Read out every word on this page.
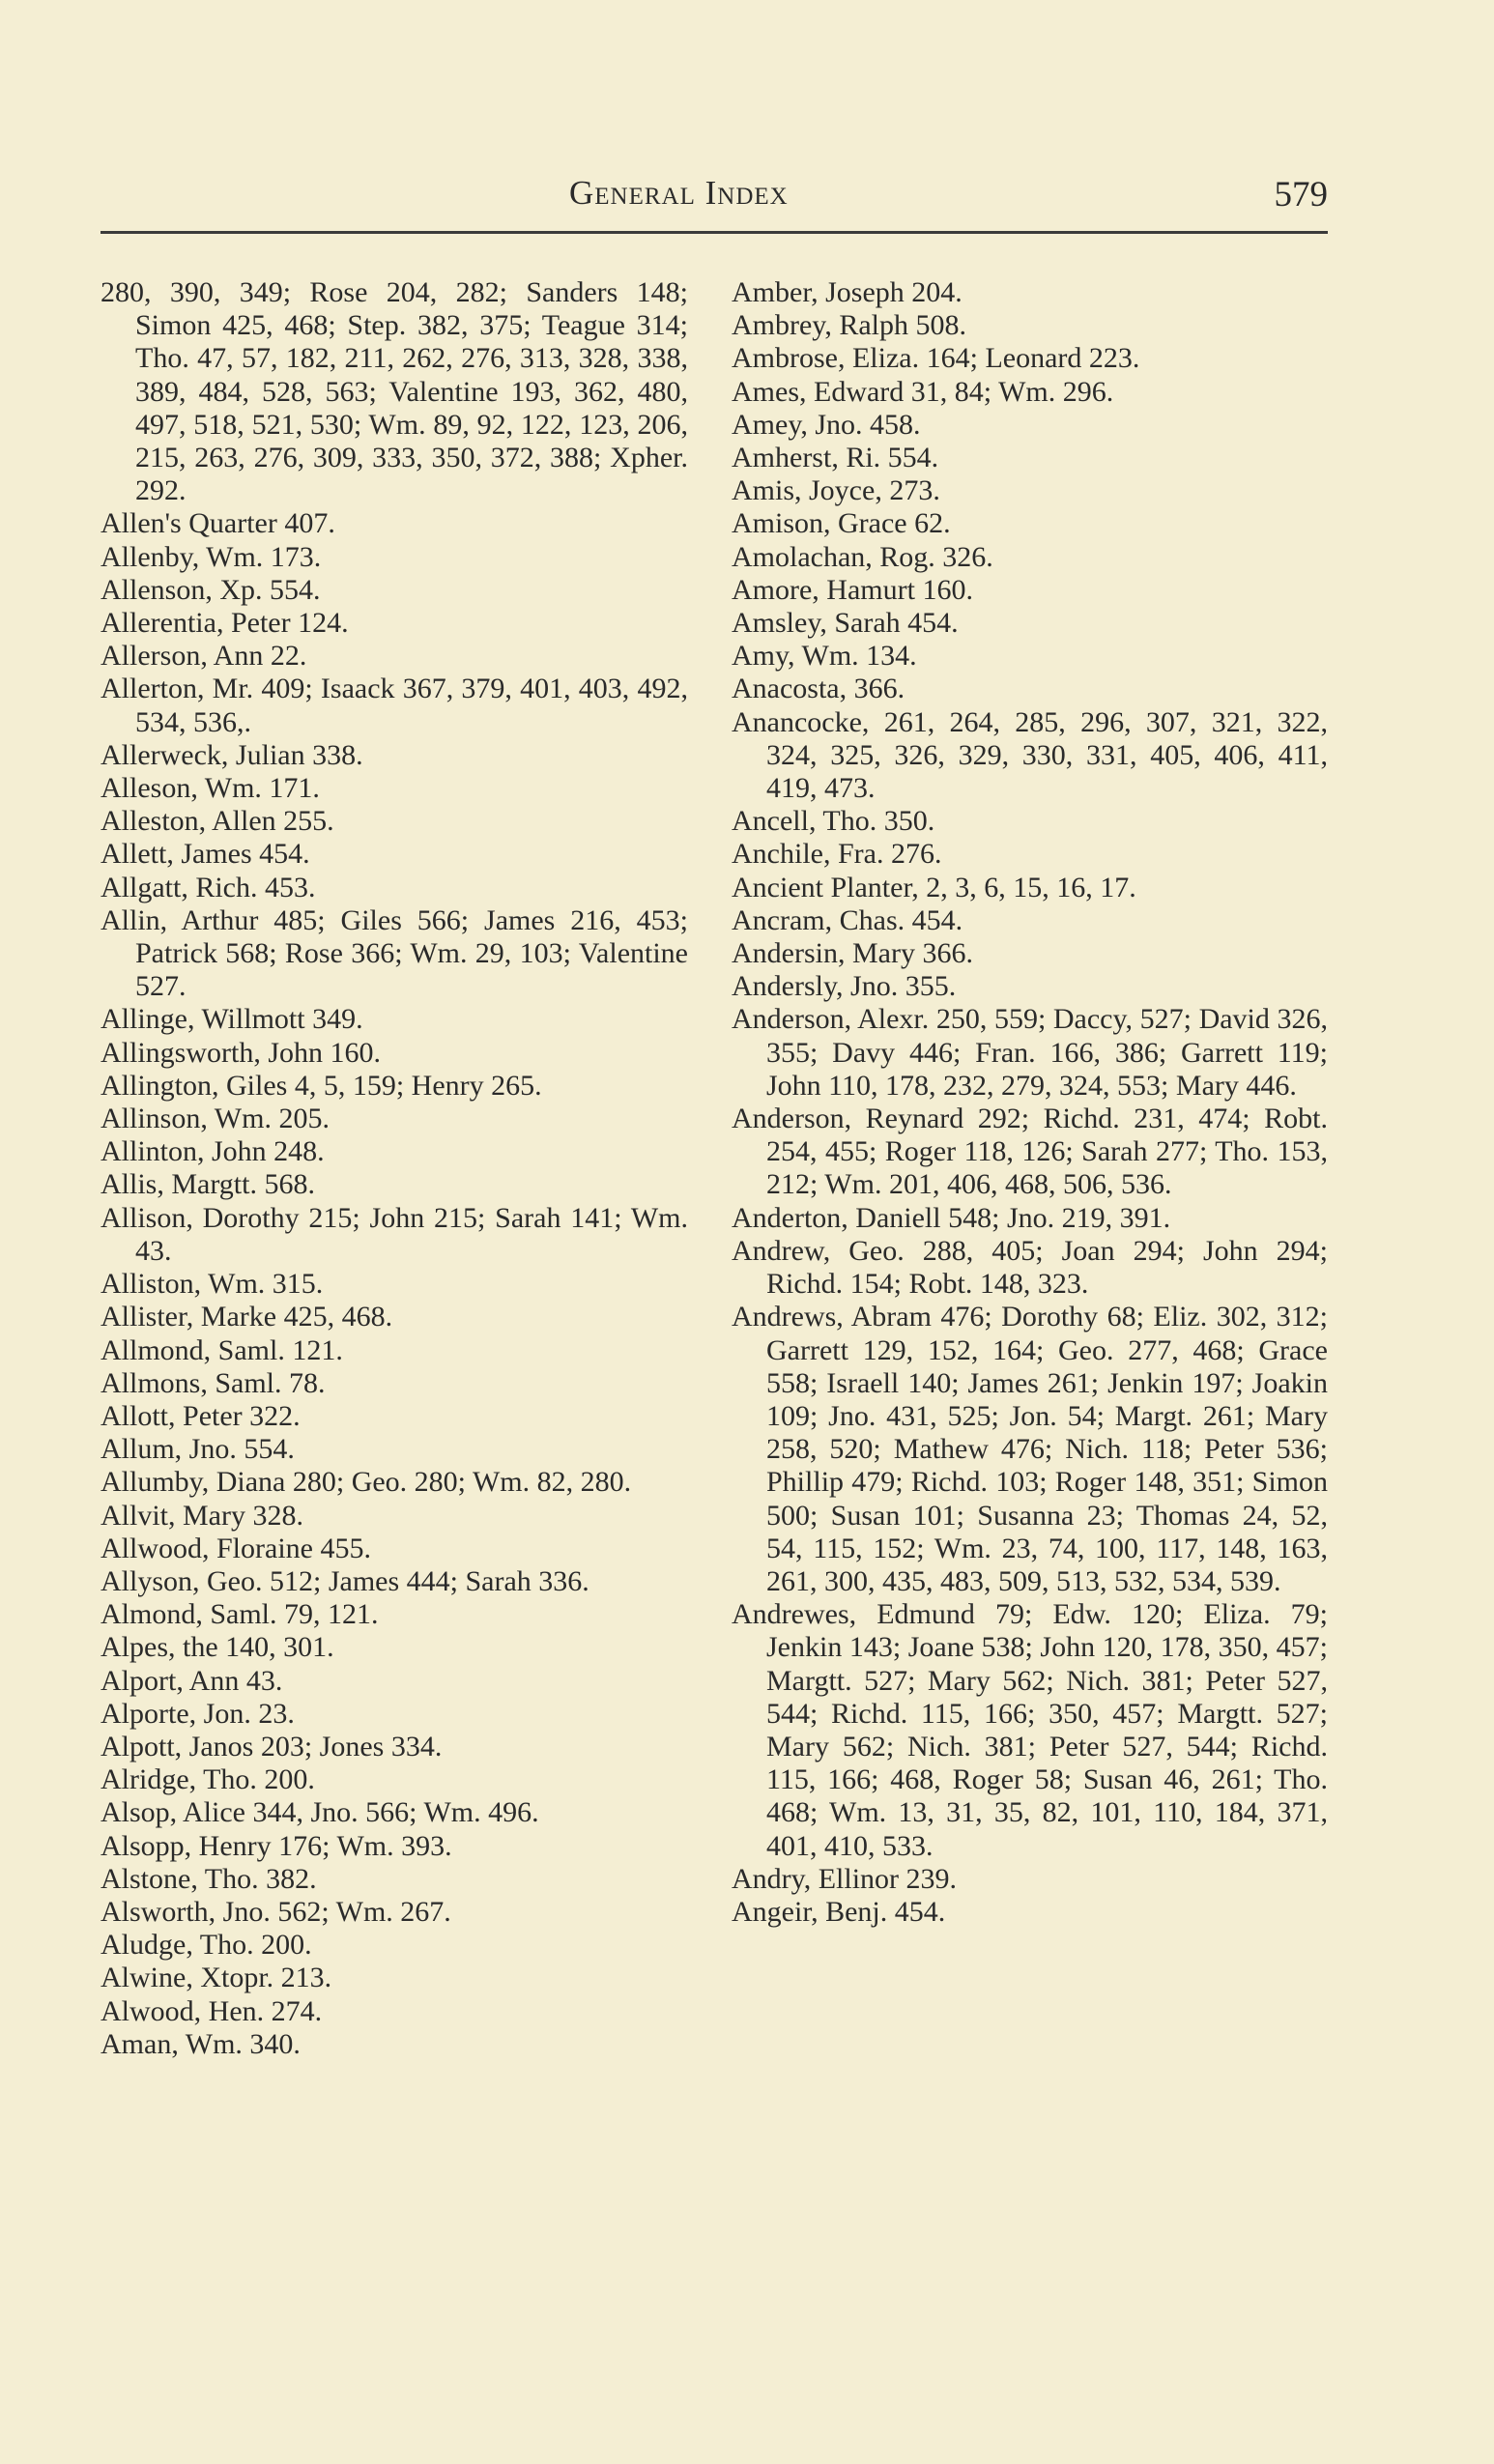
General Index	579

280, 390, 349; Rose 204, 282; Sanders 148; Simon 425, 468; Step. 382, 375; Teague 314; Tho. 47, 57, 182, 211, 262, 276, 313, 328, 338, 389, 484, 528, 563; Valentine 193, 362, 480, 497, 518, 521, 530; Wm. 89, 92, 122, 123, 206, 215, 263, 276, 309, 333, 350, 372, 388; Xpher. 292.

Allen's Quarter 407.

Allenby, Wm. 173.

Allenson, Xp. 554.

Allerentia, Peter 124.

Allerson, Ann 22.

Allerton, Mr. 409; Isaack 367, 379, 401, 403, 492, 534, 536,.

Allerweck, Julian 338.

Alleson, Wm. 171.

Alleston, Allen 255.

Allett, James 454.

Allgatt, Rich. 453.

Allin, Arthur 485; Giles 566; James 216, 453; Patrick 568; Rose 366; Wm. 29, 103; Valentine 527.

Allinge, Willmott 349.

Allingsworth, John 160.

Allington, Giles 4, 5, 159; Henry 265.

Allinson, Wm. 205.

Allinton, John 248.

Allis, Margtt. 568.

Allison, Dorothy 215; John 215; Sarah 141; Wm. 43.

Alliston, Wm. 315.

Allister, Marke 425, 468.

Allmond, Saml. 121.

Allmons, Saml. 78.

Allott, Peter 322.

Allum, Jno. 554.

Allumby, Diana 280; Geo. 280; Wm. 82, 280.

Allvit, Mary 328.

Allwood, Floraine 455.

Allyson, Geo. 512; James 444; Sarah 336.

Almond, Saml. 79, 121.

Alpes, the 140, 301.

Alport, Ann 43.

Alporte, Jon. 23.

Alpott, Janos 203; Jones 334.

Alridge, Tho. 200.

Alsop, Alice 344, Jno. 566; Wm. 496.

Alsopp, Henry 176; Wm. 393.

Alstone, Tho. 382.

Alsworth, Jno. 562; Wm. 267.

Aludge, Tho. 200.

Alwine, Xtopr. 213.

Alwood, Hen. 274.

Aman, Wm. 340.

Amber, Joseph 204.

Ambrey, Ralph 508.

Ambrose, Eliza. 164; Leonard 223.

Ames, Edward 31, 84; Wm. 296.

Amey, Jno. 458.

Amherst, Ri. 554.

Amis, Joyce, 273.

Amison, Grace 62.

Amolachan, Rog. 326.

Amore, Hamurt 160.

Amsley, Sarah 454.

Amy, Wm. 134.

Anacosta, 366.

Anancocke, 261, 264, 285, 296, 307, 321, 322, 324, 325, 326, 329, 330, 331, 405, 406, 411, 419, 473.

Ancell, Tho. 350.

Anchile, Fra. 276.

Ancient Planter, 2, 3, 6, 15, 16, 17.

Ancram, Chas. 454.

Andersin, Mary 366.

Andersly, Jno. 355.

Anderson, Alexr. 250, 559; Daccy, 527; David 326, 355; Davy 446; Fran. 166, 386; Garrett 119; John 110, 178, 232, 279, 324, 553; Mary 446.

Anderson, Reynard 292; Richd. 231, 474; Robt. 254, 455; Roger 118, 126; Sarah 277; Tho. 153, 212; Wm. 201, 406, 468, 506, 536.

Anderton, Daniell 548; Jno. 219, 391.

Andrew, Geo. 288, 405; Joan 294; John 294; Richd. 154; Robt. 148, 323.

Andrews, Abram 476; Dorothy 68; Eliz. 302, 312; Garrett 129, 152, 164; Geo. 277, 468; Grace 558; Israell 140; James 261; Jenkin 197; Joakin 109; Jno. 431, 525; Jon. 54; Margt. 261; Mary 258, 520; Mathew 476; Nich. 118; Peter 536; Phillip 479; Richd. 103; Roger 148, 351; Simon 500; Susan 101; Susanna 23; Thomas 24, 52, 54, 115, 152; Wm. 23, 74, 100, 117, 148, 163, 261, 300, 435, 483, 509, 513, 532, 534, 539.

Andrewes, Edmund 79; Edw. 120; Eliza. 79; Jenkin 143; Joane 538; John 120, 178, 350, 457; Margtt. 527; Mary 562; Nich. 381; Peter 527, 544; Richd. 115, 166; 350, 457; Margtt. 527; Mary 562; Nich. 381; Peter 527, 544; Richd. 115, 166; 468, Roger 58; Susan 46, 261; Tho. 468; Wm. 13, 31, 35, 82, 101, 110, 184, 371, 401, 410, 533.

Andry, Ellinor 239.

Angeir, Benj. 454.
